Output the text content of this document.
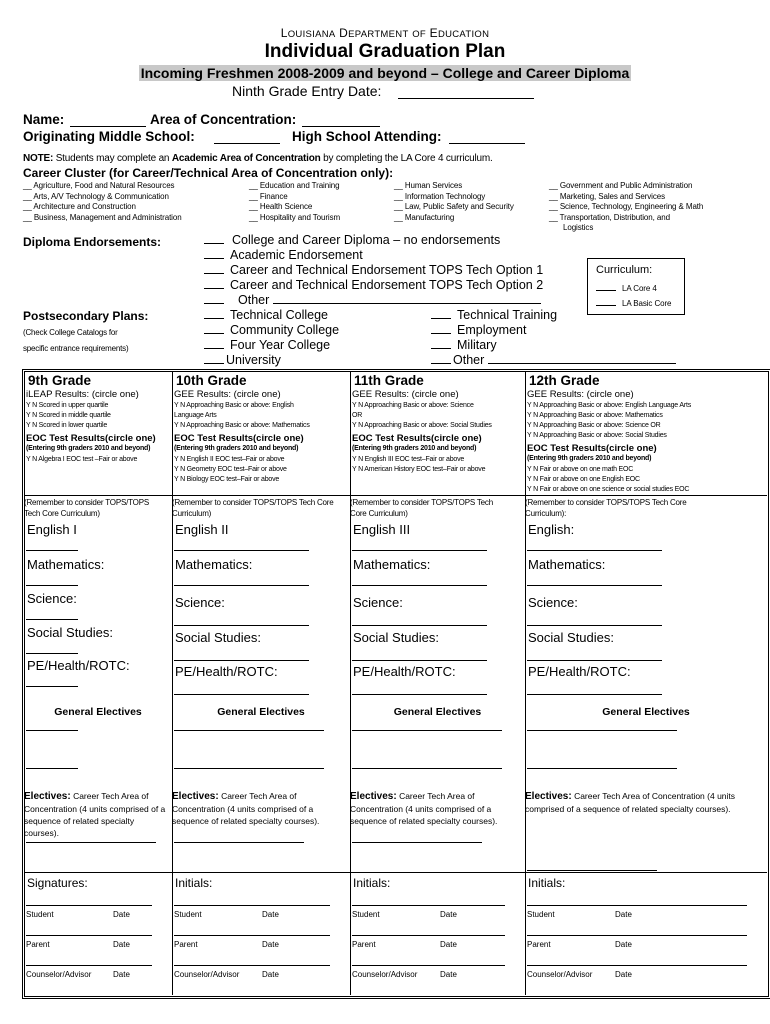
LOUISIANA DEPARTMENT OF EDUCATION
Individual Graduation Plan
Incoming Freshmen 2008-2009 and beyond – College and Career Diploma
Ninth Grade Entry Date:
Name:	Area of Concentration:
Originating Middle School:	High School Attending:
NOTE: Students may complete an Academic Area of Concentration by completing the LA Core 4 curriculum.
Career Cluster (for Career/Technical Area of Concentration only):
__ Agriculture, Food and Natural Resources
__ Arts, A/V Technology & Communication
__ Architecture and Construction
__ Business, Management and Administration
__ Education and Training
__ Finance
__ Health Science
__ Hospitality and Tourism
__ Human Services
__ Information Technology
__ Law, Public Safety and Security
__ Manufacturing
__ Government and Public Administration
__ Marketing, Sales and Services
__ Science, Technology, Engineering & Math
__ Transportation, Distribution, and
Logistics
Diploma Endorsements:	College and Career Diploma – no endorsements
Academic Endorsement
Career and Technical Endorsement TOPS Tech Option 1
Career and Technical Endorsement TOPS Tech Option 2
Other
Curriculum:
LA Core 4
LA Basic Core
Postsecondary Plans:
(Check College Catalogs for
specific entrance requirements)
Technical College
Community College
Four Year College
University
Technical Training
Employment
Military
Other
9th Grade
iLEAP Results: (circle one)
Y N Scored in upper quartile
Y N Scored in middle quartile
Y N Scored in lower quartile
EOC Test Results(circle one)
(Entering 9th graders 2010 and beyond)
Y N Algebra I EOC test –Fair or above
(Remember to consider TOPS/TOPS
Tech Core Curriculum)
English I
Mathematics:
Science:
Social Studies:
PE/Health/ROTC:
General Electives
Electives: Career Tech Area of Concentration (4 units comprised of a sequence of related specialty courses).
Signatures:
Student	Date
Parent	Date
Counselor/Advisor	Date
10th Grade
GEE Results: (circle one)
Y N Approaching Basic or above: English
Language Arts
Y N Approaching Basic or above: Mathematics
EOC Test Results(circle one)
(Entering 9th graders 2010 and beyond)
Y N English II EOC test–Fair or above
Y N Geometry EOC test–Fair or above
Y N Biology EOC test–Fair or above
(Remember to consider TOPS/TOPS Tech Core
Curriculum)
English II
Mathematics:
Science:
Social Studies:
PE/Health/ROTC:
General Electives
Electives: Career Tech Area of Concentration (4 units comprised of a sequence of related specialty courses).
Initials:
Student	Date
Parent	Date
Counselor/Advisor	Date
11th Grade
GEE Results: (circle one)
Y N Approaching Basic or above: Science
OR
Y N Approaching Basic or above: Social Studies
EOC Test Results(circle one)
(Entering 9th graders 2010 and beyond)
Y N English III EOC test–Fair or above
Y N American History EOC test–Fair or above
(Remember to consider TOPS/TOPS Tech
Core Curriculum)
English III
Mathematics:
Science:
Social Studies:
PE/Health/ROTC:
General Electives
Electives: Career Tech Area of Concentration (4 units comprised of a sequence of related specialty courses).
Initials:
Student	Date
Parent	Date
Counselor/Advisor	Date
12th Grade
GEE Results: (circle one)
Y N Approaching Basic or above: English Language Arts
Y N Approaching Basic or above: Mathematics
Y N Approaching Basic or above: Science OR
Y N Approaching Basic or above: Social Studies
EOC Test Results(circle one)
(Entering 9th graders 2010 and beyond)
Y N Fair or above on one math EOC
Y N Fair or above on one English EOC
Y N Fair or above on one science or social studies EOC
(Remember to consider TOPS/TOPS Tech Core
Curriculum):
English:
Mathematics:
Science:
Social Studies:
PE/Health/ROTC:
General Electives
Electives: Career Tech Area of Concentration (4 units comprised of a sequence of related specialty courses).
Initials:
Student	Date
Parent	Date
Counselor/Advisor	Date
